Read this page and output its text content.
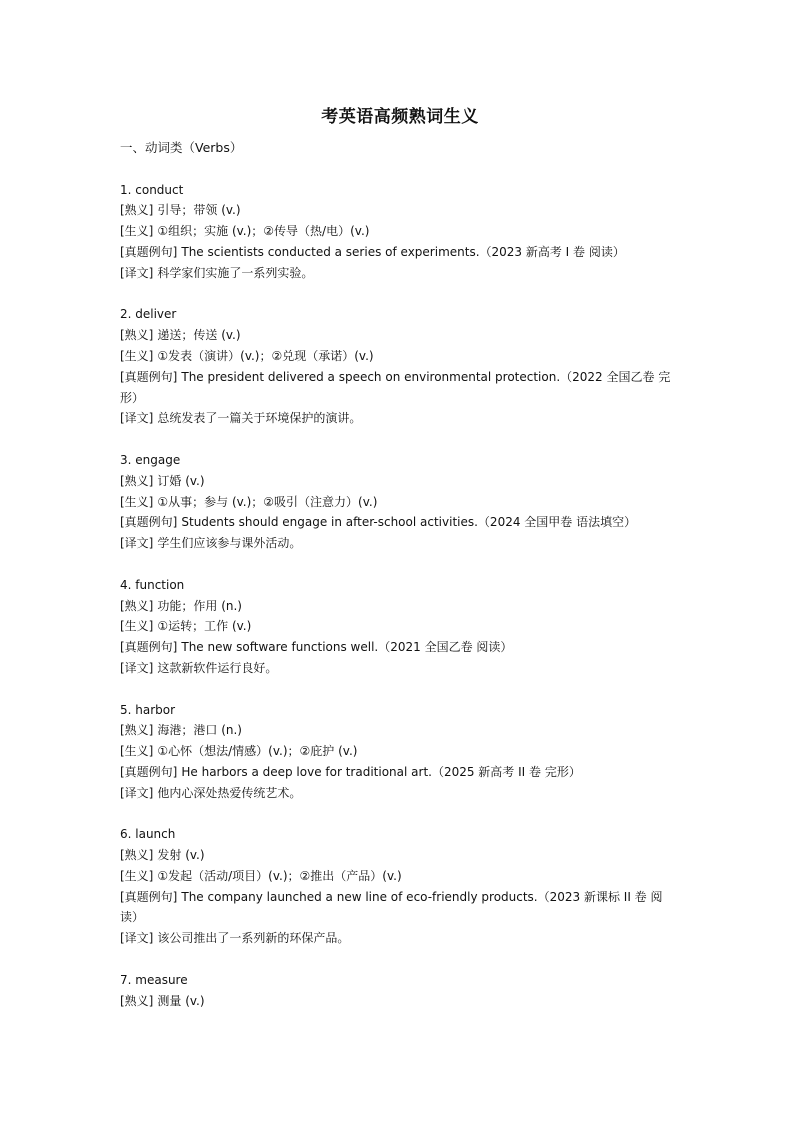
考英语高频熟词生义
一、动词类（Verbs）
1. conduct
[熟义] 引导；带领 (v.)
[生义] ①组织；实施 (v.)；②传导（热/电）(v.)
[真题例句] The scientists conducted a series of experiments.（2023 新高考 I 卷 阅读）
[译文] 科学家们实施了一系列实验。
2. deliver
[熟义] 递送；传送 (v.)
[生义] ①发表（演讲）(v.)；②兑现（承诺）(v.)
[真题例句] The president delivered a speech on environmental protection.（2022 全国乙卷 完形）
[译文] 总统发表了一篇关于环境保护的演讲。
3. engage
[熟义] 订婚 (v.)
[生义] ①从事；参与 (v.)；②吸引（注意力）(v.)
[真题例句] Students should engage in after-school activities.（2024 全国甲卷 语法填空）
[译文] 学生们应该参与课外活动。
4. function
[熟义] 功能；作用 (n.)
[生义] ①运转；工作 (v.)
[真题例句] The new software functions well.（2021 全国乙卷 阅读）
[译文] 这款新软件运行良好。
5. harbor
[熟义] 海港；港口 (n.)
[生义] ①心怀（想法/情感）(v.)；②庇护 (v.)
[真题例句] He harbors a deep love for traditional art.（2025 新高考 II 卷 完形）
[译文] 他内心深处热爱传统艺术。
6. launch
[熟义] 发射 (v.)
[生义] ①发起（活动/项目）(v.)；②推出（产品）(v.)
[真题例句] The company launched a new line of eco-friendly products.（2023 新课标 II 卷 阅读）
[译文] 该公司推出了一系列新的环保产品。
7. measure
[熟义] 测量 (v.)
